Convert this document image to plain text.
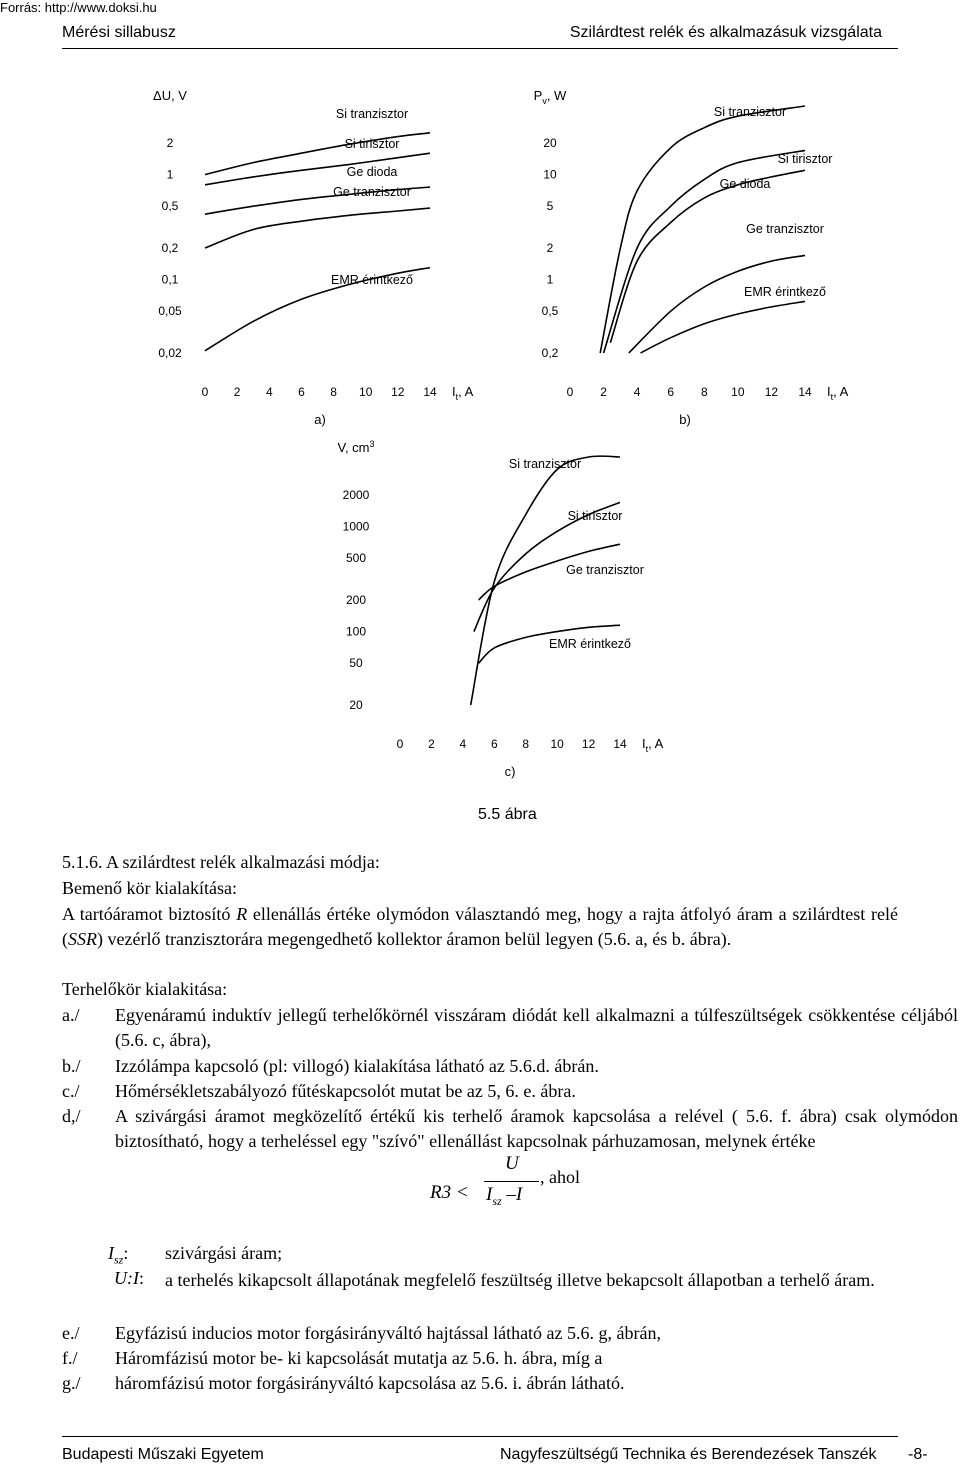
Forrás: http://www.doksi.hu
Mérési sillabusz	Szilárdtest relék és alkalmazásuk vizsgálata
ΔU, V
2
1
0,5
0,2
0,1
0,05
0,02
0 2 4 6 8 10 12 14 $I_t$, A
a)
Si tranzisztor
Si tirisztor
Ge dioda
Ge tranzisztor
EMR érintkező
$P_v$, W
20
10
5
2
1
0,5
0,2
0 2 4 6 8 10 12 14 $I_t$, A
b)
Si tranzisztor
Si tirisztor
Ge dioda
Ge tranzisztor
EMR érintkező
V, $cm^3$
2000
1000
500
200
100
50
20
0 2 4 6 8 10 12 14 $I_t$, A
c)
Si tranzisztor
Si tirisztor
Ge tranzisztor
EMR érintkező
5.5 ábra
5.1.6. A szilárdtest relék alkalmazási módja:
Bemenő kör kialakítása:
A tartóáramot biztosító R ellenállás értéke olymódon választandó meg, hogy a rajta átfolyó áram a szilárdtest relé (SSR) vezérlő tranzisztorára megengedhető kollektor áramon belül legyen (5.6. a, és b. ábra).
Terhelőkör kialakitása:
a./ Egyenáramú induktív jellegű terhelőkörnél visszáram diódát kell alkalmazni a túlfeszültségek csökkentése céljából (5.6. c, ábra),
b./ Izzólámpa kapcsoló (pl: villogó) kialakítása látható az 5.6.d. ábrán.
c./ Hőmérsékletszabályozó fűtéskapcsolót mutat be az 5, 6. e. ábra.
d,/ A szivárgási áramot megközelítő értékű kis terhelő áramok kapcsolása a relével ( 5.6. f. ábra) csak olymódon biztosítható, hogy a terheléssel egy "szívó" ellenállást kapcsolnak párhuzamosan, melynek értéke
R3 <
U
$I_{sz}$ –I
, ahol
$I_{sz}$: szivárgási áram;
U:I: a terhelés kikapcsolt állapotának megfelelő feszültség illetve bekapcsolt állapotban a terhelő áram.
e./ Egyfázisú inducios motor forgásirányváltó hajtással látható az 5.6. g, ábrán,
f./ Háromfázisú motor be- ki kapcsolását mutatja az 5.6. h. ábra, míg a
g./ háromfázisú motor forgásirányváltó kapcsolása az 5.6. i. ábrán látható.
Budapesti Műszaki Egyetem	Nagyfeszültségű Technika és Berendezések Tanszék -8-
